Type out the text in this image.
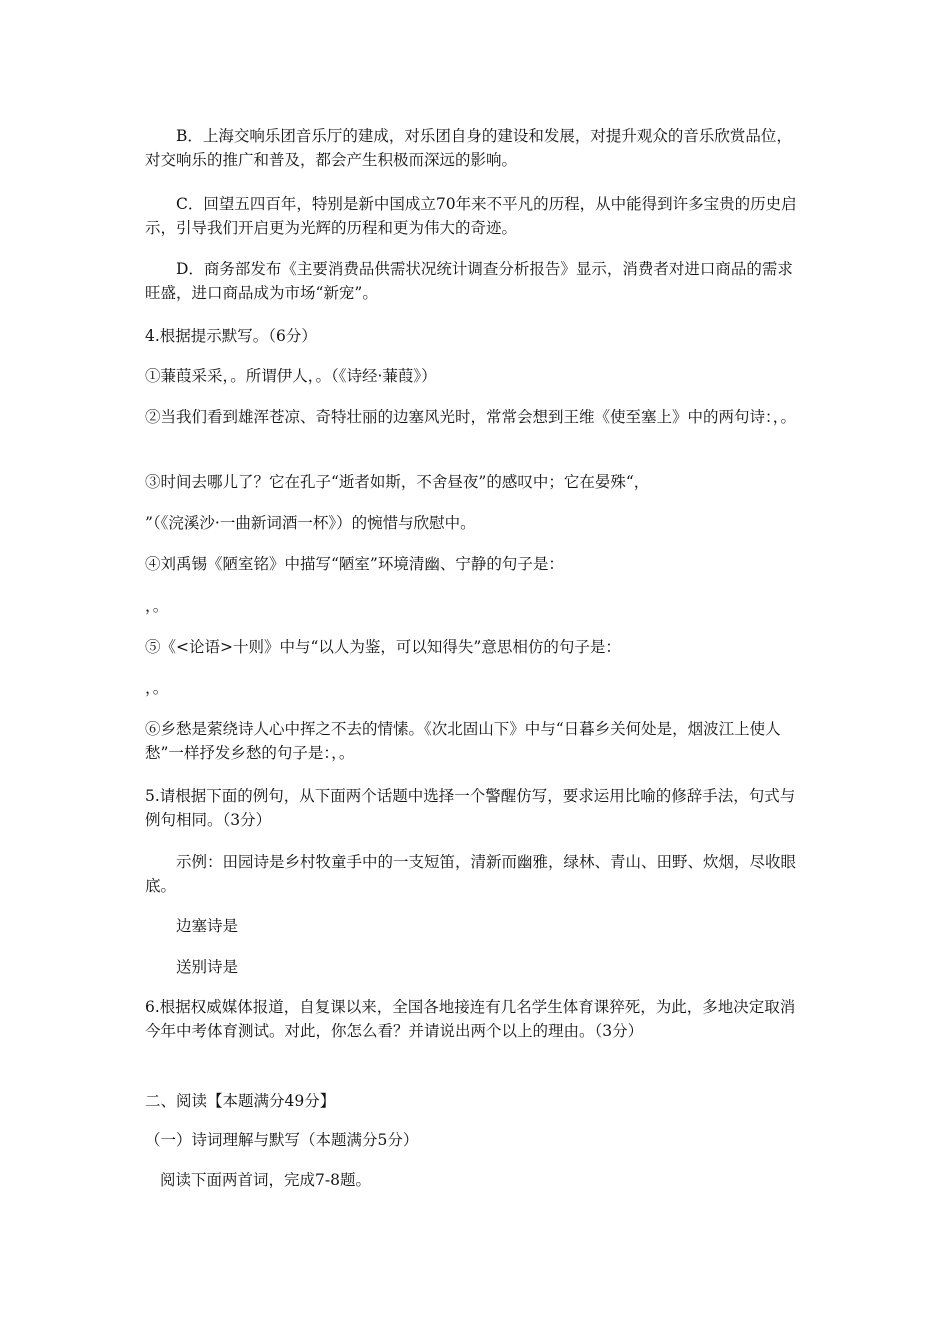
B．上海交响乐团音乐厅的建成，对乐团自身的建设和发展，对提升观众的音乐欣赏品位，对交响乐的推广和普及，都会产生积极而深远的影响。

C．回望五四百年，特别是新中国成立70年来不平凡的历程，从中能得到许多宝贵的历史启示，引导我们开启更为光辉的历程和更为伟大的奇迹。

D．商务部发布《主要消费品供需状况统计调查分析报告》显示，消费者对进口商品的需求旺盛，进口商品成为市场“新宠”。

4.根据提示默写。（6分）
①蒹葭采采，。所谓伊人，。（《诗经·蒹葭》）

②当我们看到雄浑苍凉、奇特壮丽的边塞风光时，常常会想到王维《使至塞上》中的两句诗：，。

③时间去哪儿了？它在孔子“逝者如斯，不舍昼夜”的感叹中；它在晏殊“，
”（《浣溪沙·一曲新词酒一杯》）的惋惜与欣慰中。
④刘禹锡《陋室铭》中描写“陋室”环境清幽、宁静的句子是：
，。
⑤《<论语>十则》中与“以人为鉴，可以知得失”意思相仿的句子是：
，。

⑥乡愁是萦绕诗人心中挥之不去的情愫。《次北固山下》中与“日暮乡关何处是，烟波江上使人愁”一样抒发乡愁的句子是：，。

5.请根据下面的例句，从下面两个话题中选择一个警醒仿写，要求运用比喻的修辞手法，句式与例句相同。（3分）

示例：田园诗是乡村牧童手中的一支短笛，清新而幽雅，绿林、青山、田野、炊烟，尽收眼底。

边塞诗是
送别诗是

6.根据权威媒体报道，自复课以来，全国各地接连有几名学生体育课猝死，为此，多地决定取消今年中考体育测试。对此，你怎么看？并请说出两个以上的理由。（3分）

二、阅读【本题满分49分】
（一）诗词理解与默写（本题满分5分）
阅读下面两首词，完成7-8题。
